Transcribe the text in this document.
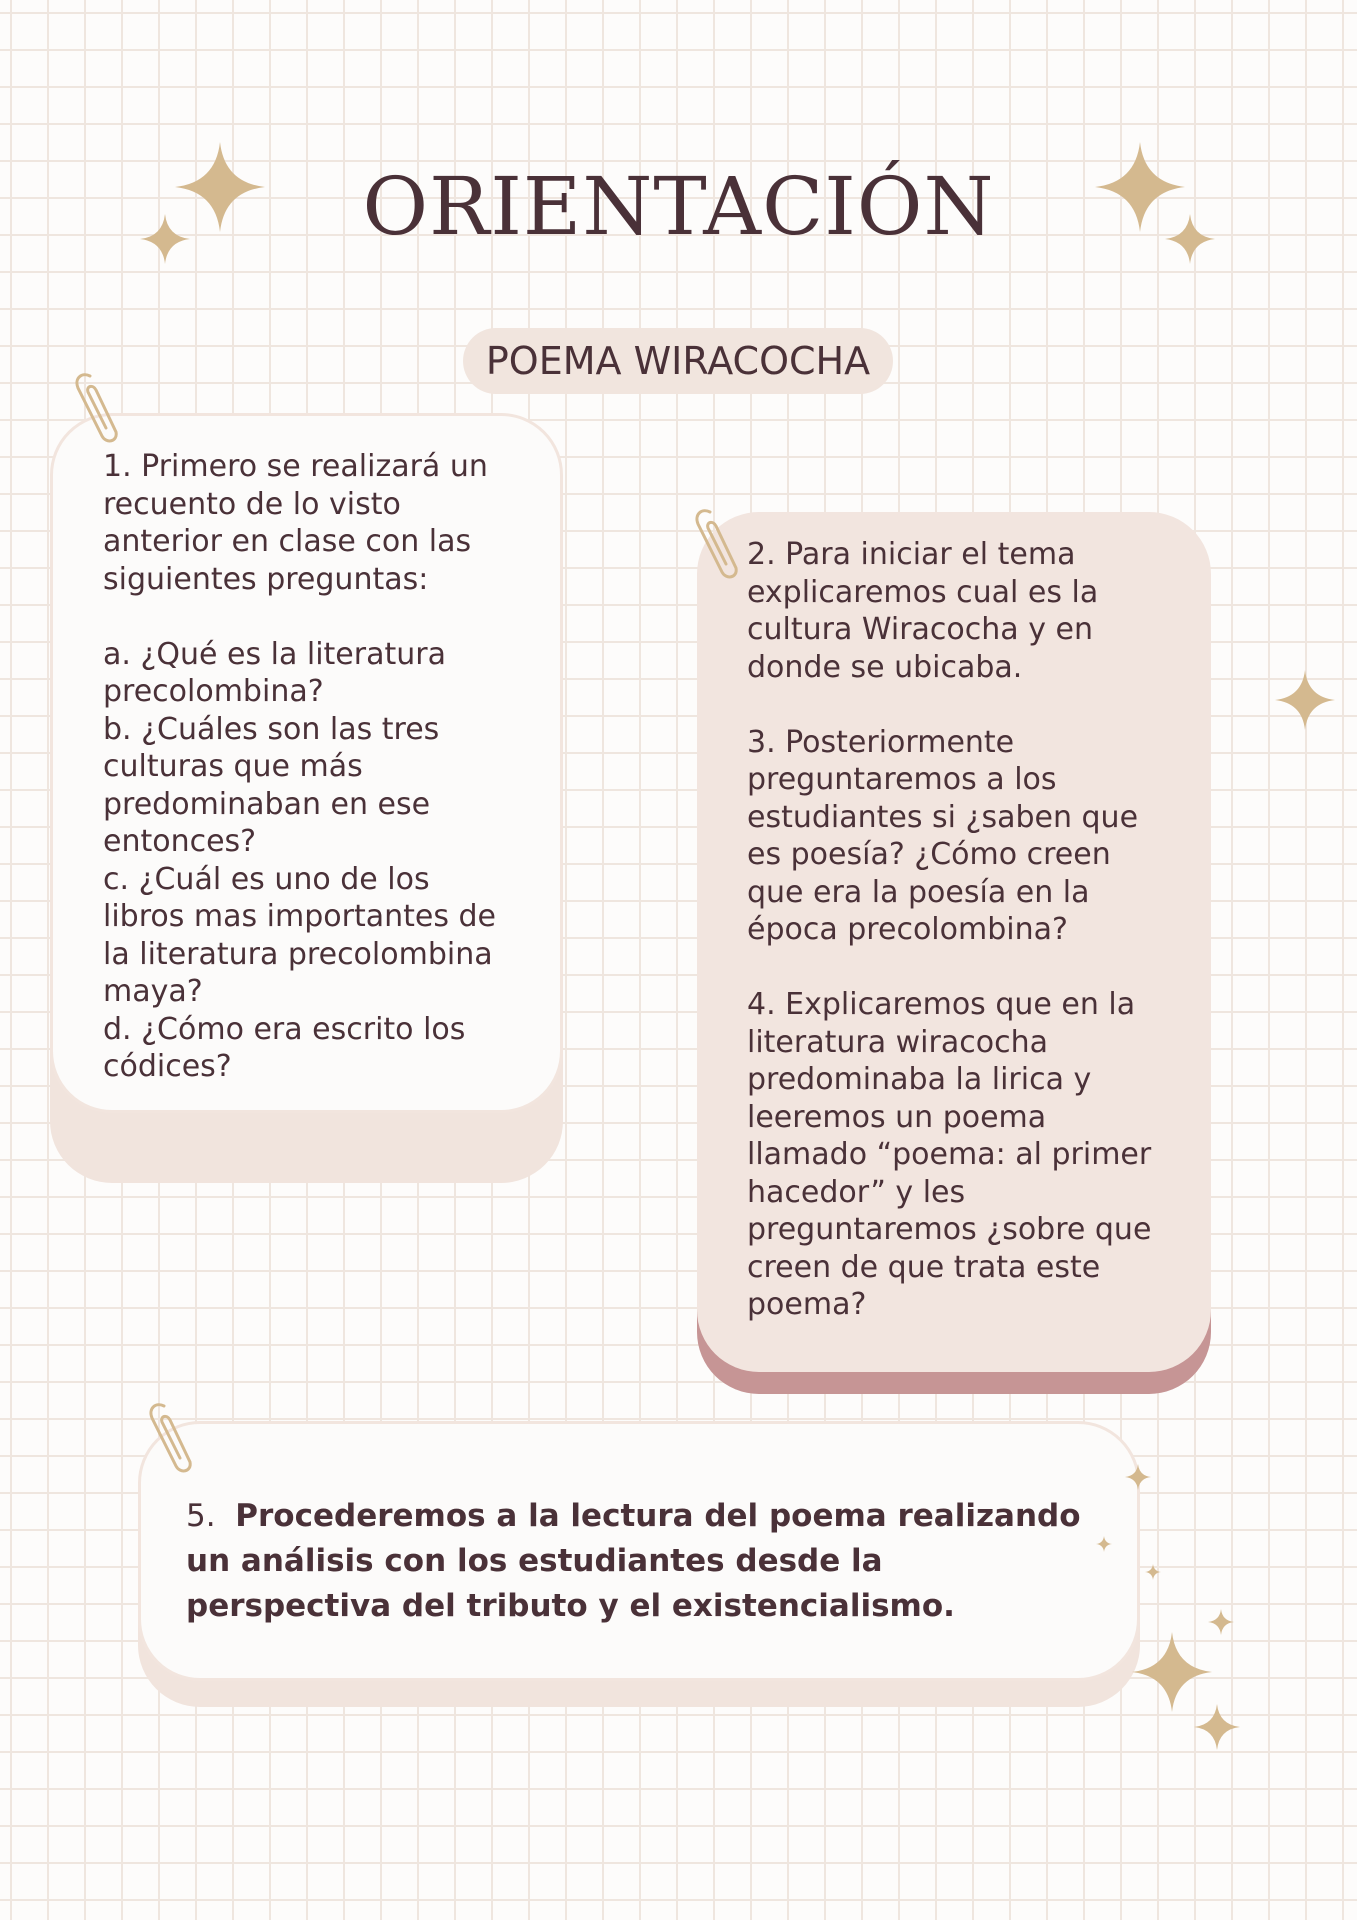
ORIENTACIÓN
POEMA WIRACOCHA
1. Primero se realizará un
recuento de lo visto
anterior en clase con las
siguientes preguntas:

a. ¿Qué es la literatura
precolombina?
b. ¿Cuáles son las tres
culturas que más
predominaban en ese
entonces?
c. ¿Cuál es uno de los
libros mas importantes de
la literatura precolombina
maya?
d. ¿Cómo era escrito los
códices?
2. Para iniciar el tema
explicaremos cual es la
cultura Wiracocha y en
donde se ubicaba.

3. Posteriormente
preguntaremos a los
estudiantes si ¿saben que
es poesía? ¿Cómo creen
que era la poesía en la
época precolombina?

4. Explicaremos que en la
literatura wiracocha
predominaba la lirica y
leeremos un poema
llamado “poema: al primer
hacedor” y les
preguntaremos ¿sobre que
creen de que trata este
poema?
5. Procederemos a la lectura del poema realizando un análisis con los estudiantes desde la perspectiva del tributo y el existencialismo.
